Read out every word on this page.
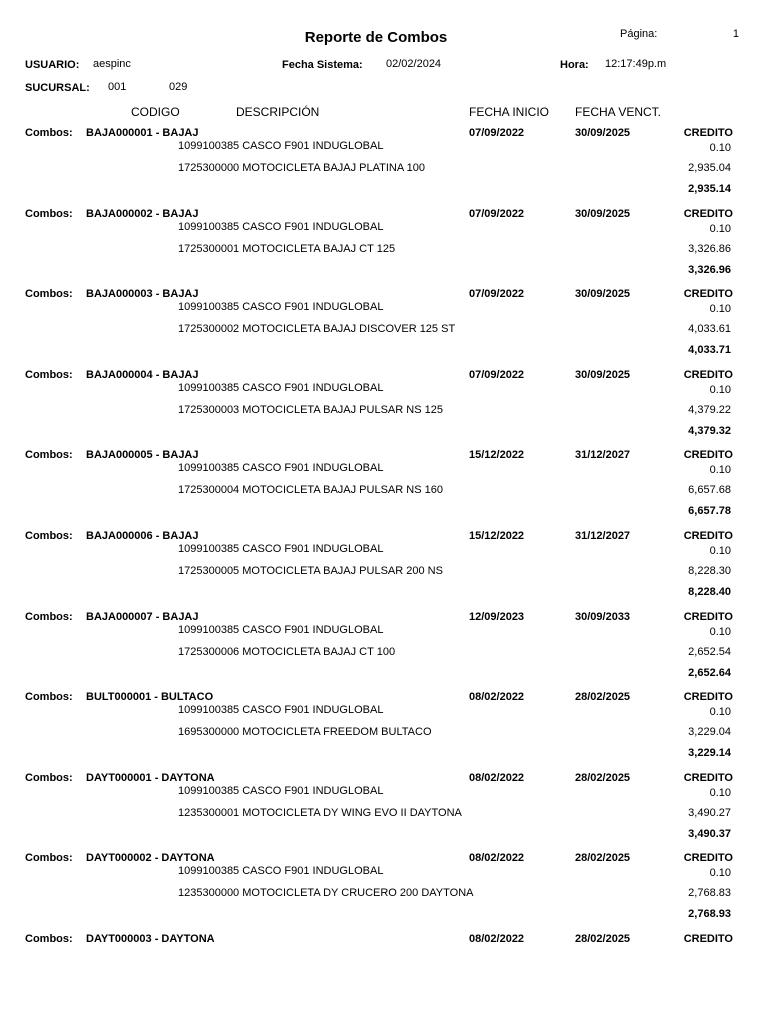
Reporte de Combos	Página:	1
USUARIO: aespinc	Fecha Sistema: 02/02/2024	Hora: 12:17:49p.m
SUCURSAL: 001	029
CODIGO	DESCRIPCIÓN	FECHA INICIO FECHA VENCT.
Combos: BAJA000001 - BAJAJ	07/09/2022	30/09/2025	CREDITO
1099100385 CASCO F901 INDUGLOBAL	0.10
1725300000 MOTOCICLETA BAJAJ PLATINA 100	2,935.04
2,935.14
Combos: BAJA000002 - BAJAJ	07/09/2022	30/09/2025	CREDITO
1099100385 CASCO F901 INDUGLOBAL	0.10
1725300001 MOTOCICLETA BAJAJ CT 125	3,326.86
3,326.96
Combos: BAJA000003 - BAJAJ	07/09/2022	30/09/2025	CREDITO
1099100385 CASCO F901 INDUGLOBAL	0.10
1725300002 MOTOCICLETA BAJAJ DISCOVER 125 ST	4,033.61
4,033.71
Combos: BAJA000004 - BAJAJ	07/09/2022	30/09/2025	CREDITO
1099100385 CASCO F901 INDUGLOBAL	0.10
1725300003 MOTOCICLETA BAJAJ PULSAR NS 125	4,379.22
4,379.32
Combos: BAJA000005 - BAJAJ	15/12/2022	31/12/2027	CREDITO
1099100385 CASCO F901 INDUGLOBAL	0.10
1725300004 MOTOCICLETA BAJAJ PULSAR NS 160	6,657.68
6,657.78
Combos: BAJA000006 - BAJAJ	15/12/2022	31/12/2027	CREDITO
1099100385 CASCO F901 INDUGLOBAL	0.10
1725300005 MOTOCICLETA BAJAJ PULSAR 200 NS	8,228.30
8,228.40
Combos: BAJA000007 - BAJAJ	12/09/2023	30/09/2033	CREDITO
1099100385 CASCO F901 INDUGLOBAL	0.10
1725300006 MOTOCICLETA BAJAJ CT 100	2,652.54
2,652.64
Combos: BULT000001 - BULTACO	08/02/2022	28/02/2025	CREDITO
1099100385 CASCO F901 INDUGLOBAL	0.10
1695300000 MOTOCICLETA FREEDOM BULTACO	3,229.04
3,229.14
Combos: DAYT000001 - DAYTONA	08/02/2022	28/02/2025	CREDITO
1099100385 CASCO F901 INDUGLOBAL	0.10
1235300001 MOTOCICLETA DY WING EVO II DAYTONA	3,490.27
3,490.37
Combos: DAYT000002 - DAYTONA	08/02/2022	28/02/2025	CREDITO
1099100385 CASCO F901 INDUGLOBAL	0.10
1235300000 MOTOCICLETA DY CRUCERO 200 DAYTONA	2,768.83
2,768.93
Combos: DAYT000003 - DAYTONA	08/02/2022	28/02/2025	CREDITO
